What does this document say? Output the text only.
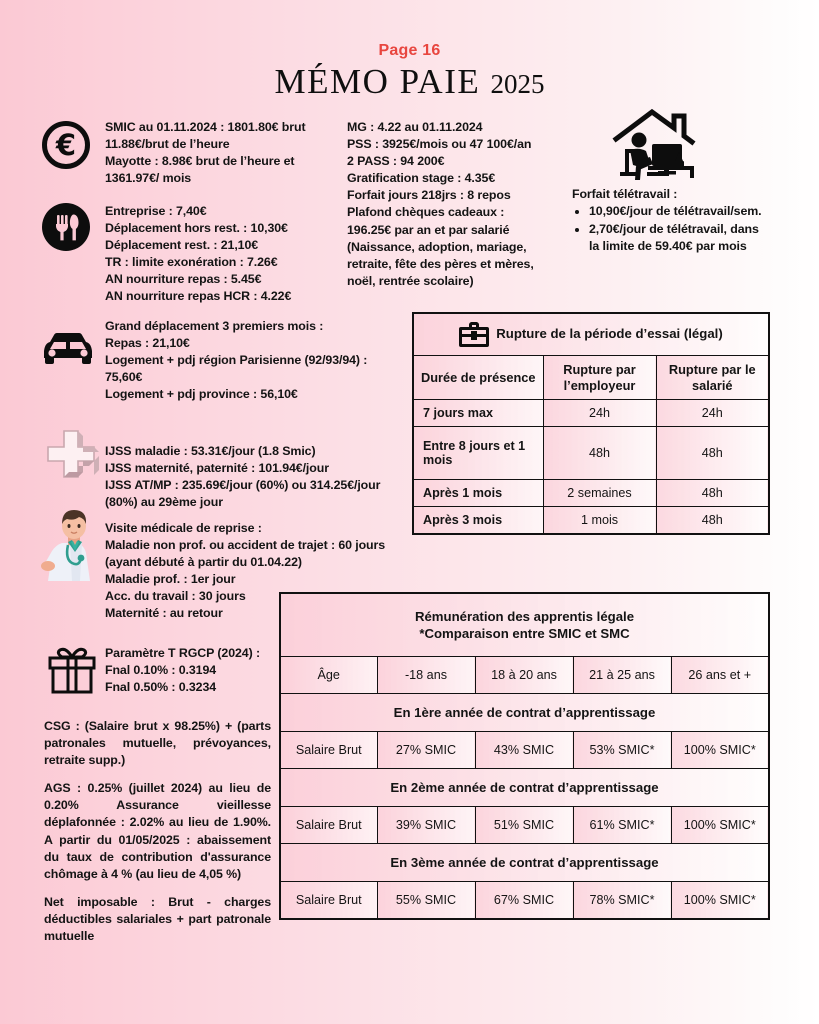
Page 16
MÉMO PAIE 2025
€
SMIC au 01.11.2024 : 1801.80€ brut
11.88€/brut de l’heure
Mayotte : 8.98€ brut de l’heure et
1361.97€/ mois
Entreprise : 7,40€
Déplacement hors rest. : 10,30€
Déplacement rest. : 21,10€
TR : limite exonération : 7.26€
AN nourriture repas : 5.45€
AN nourriture repas HCR : 4.22€
MG : 4.22 au 01.11.2024
PSS : 3925€/mois ou 47 100€/an
2 PASS : 94 200€
Gratification stage : 4.35€
Forfait jours 218jrs : 8 repos
Plafond chèques cadeaux :
196.25€ par an et par salarié
(Naissance, adoption, mariage,
retraite, fête des pères et mères,
noël, rentrée scolaire)
Forfait télétravail :
• 10,90€/jour de télétravail/sem.
• 2,70€/jour de télétravail, dans la limite de 59.40€ par mois
Grand déplacement 3 premiers mois :
Repas : 21,10€
Logement + pdj région Parisienne (92/93/94) :
75,60€
Logement + pdj province : 56,10€
IJSS maladie : 53.31€/jour (1.8 Smic)
IJSS maternité, paternité : 101.94€/jour
IJSS AT/MP : 235.69€/jour (60%) ou 314.25€/jour
(80%) au 29ème jour
Visite médicale de reprise :
Maladie non prof. ou accident de trajet : 60 jours
(ayant débuté à partir du 01.04.22)
Maladie prof. : 1er jour
Acc. du travail : 30 jours
Maternité : au retour
Paramètre T RGCP (2024) :
Fnal 0.10% : 0.3194
Fnal 0.50% : 0.3234

CSG : (Salaire brut x 98.25%) + (parts patronales mutuelle, prévoyances, retraite supp.)

AGS : 0.25% (juillet 2024) au lieu de 0.20%	Assurance vieillesse déplafonnée : 2.02% au lieu de 1.90%. A partir du 01/05/2025 : abaissement du taux de contribution d'assurance chômage à 4 % (au lieu de 4,05 %)

Net imposable : Brut - charges déductibles salariales + part patronale mutuelle

Rupture de la période d’essai (légal)		
Durée de présence	Rupture par l’employeur	Rupture par le salarié
7 jours max	24h	24h
Entre 8 jours et 1 mois	48h	48h
Après 1 mois	2 semaines	48h
Après 3 mois	1 mois	48h
Rémunération des apprentis légale
*Comparaison entre SMIC et SMC				
Âge	-18 ans	18 à 20 ans	21 à 25 ans	26 ans et +
En 1ère année de contrat d’apprentissage				
Salaire Brut	27% SMIC	43% SMIC	53% SMIC*	100% SMIC*
En 2ème année de contrat d’apprentissage				
Salaire Brut	39% SMIC	51% SMIC	61% SMIC*	100% SMIC*
En 3ème année de contrat d’apprentissage				
Salaire Brut	55% SMIC	67% SMIC	78% SMIC*	100% SMIC*
